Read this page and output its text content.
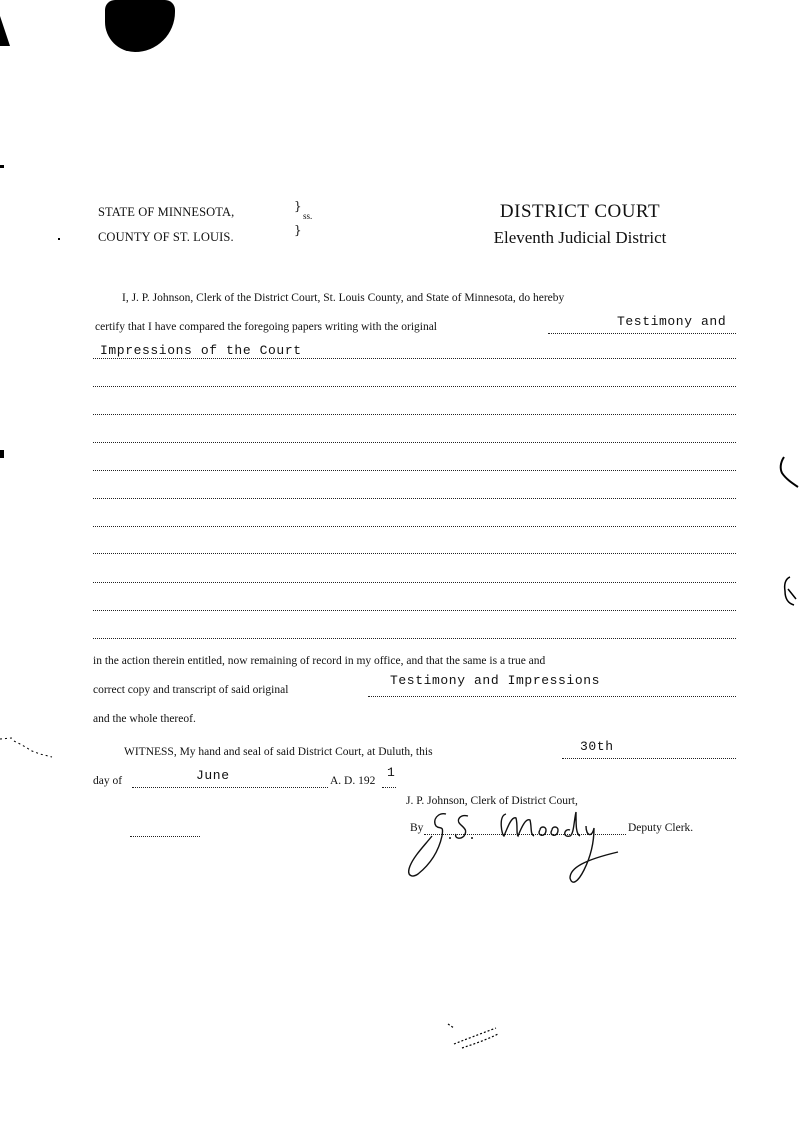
STATE OF MINNESOTA,
COUNTY OF ST. LOUIS.
}

}
ss.	DISTRICT COURT
Eleventh Judicial District
I, J. P. Johnson, Clerk of the District Court, St. Louis County, and State of Minnesota, do hereby
certify that I have compared the foregoing papers writing with the original	Testimony and
Impressions of the Court
in the action therein entitled, now remaining of record in my office, and that the same is a true and
correct copy and transcript of said original
Testimony and Impressions
and the whole thereof.
WITNESS, My hand and seal of said District Court, at Duluth, this	30th
day of	June	A. D. 192
1
J. P. Johnson, Clerk of District Court,
By	Deputy Clerk.
